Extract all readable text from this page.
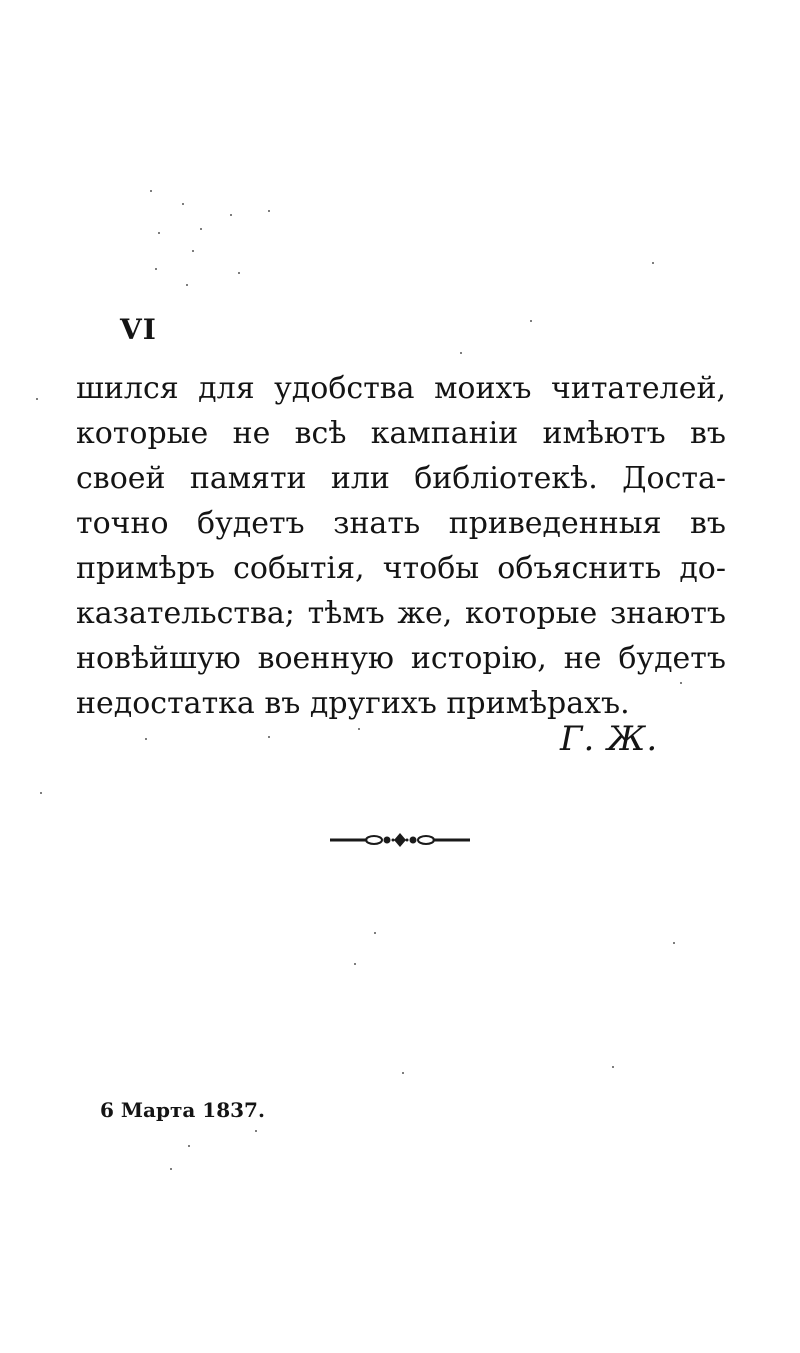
VI
шился для удобства моихъ читателей,
которые не всѣ кампаніи имѣютъ въ
своей памяти или библіотекѣ. Доста-
точно будетъ знать приведенныя въ
примѣръ событія, чтобы объяснить до-
казательства; тѣмъ же, которые знаютъ
новѣйшую военную исторію, не будетъ
недостатка въ другихъ примѣрахъ.
Г. Ж.
6 Марта 1837.
